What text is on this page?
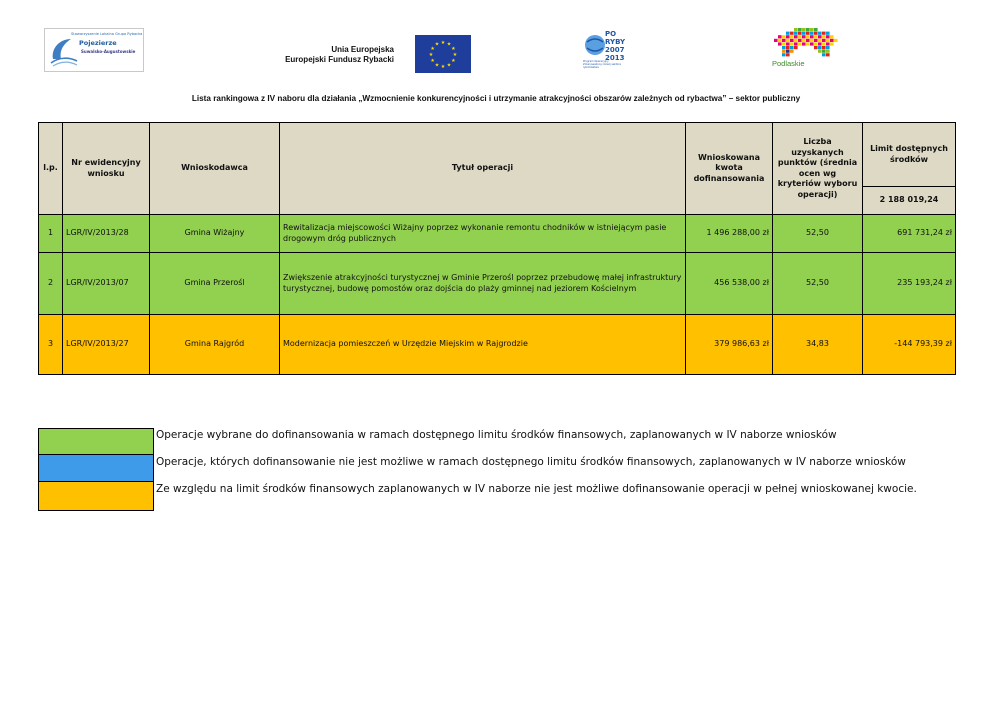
Stowarzyszenie Lokalna Grupa Rybacka
Pojezierze
Suwalsko-Augustowskie	Unia Europejska
Europejski Fundusz Rybacki
★ ★
★
★
★
★
★
★
★
★
★
★
PO RYBY
2007
2013
Program Operacyjny Zrównoważony rozwój sektora rybołówstwa	Podlaskie
Lista rankingowa z IV naboru dla działania „Wzmocnienie konkurencyjności i utrzymanie atrakcyjności obszarów zależnych od rybactwa” – sektor publiczny
l.p.	Nr ewidencyjny wniosku	Wnioskodawca	Tytuł operacji	Wnioskowana kwota dofinansowania	Liczba uzyskanych punktów (średnia ocen wg kryteriów wyboru operacji)	Limit dostępnych środków
						2 188 019,24
1	LGR/IV/2013/28	Gmina Wiżajny	Rewitalizacja miejscowości Wiżajny poprzez wykonanie remontu chodników w istniejącym pasie drogowym dróg publicznych	1 496 288,00 zł	52,50	691 731,24 zł
2	LGR/IV/2013/07	Gmina Przerośl	Zwiększenie atrakcyjności turystycznej w Gminie Przerośl poprzez przebudowę małej infrastruktury turystycznej, budowę pomostów oraz dojścia do plaży gminnej nad jeziorem Kościelnym	456 538,00 zł	52,50	235 193,24 zł
3	LGR/IV/2013/27	Gmina Rajgród	Modernizacja pomieszczeń w Urzędzie Miejskim w Rajgrodzie	379 986,63 zł	34,83	-144 793,39 zł
Operacje wybrane do dofinansowania w ramach dostępnego limitu środków finansowych, zaplanowanych w IV naborze wniosków
Operacje, których dofinansowanie nie jest możliwe w ramach dostępnego limitu środków finansowych, zaplanowanych w IV naborze wniosków
Ze względu na limit środków finansowych zaplanowanych w IV naborze nie jest możliwe dofinansowanie operacji w pełnej wnioskowanej kwocie.
